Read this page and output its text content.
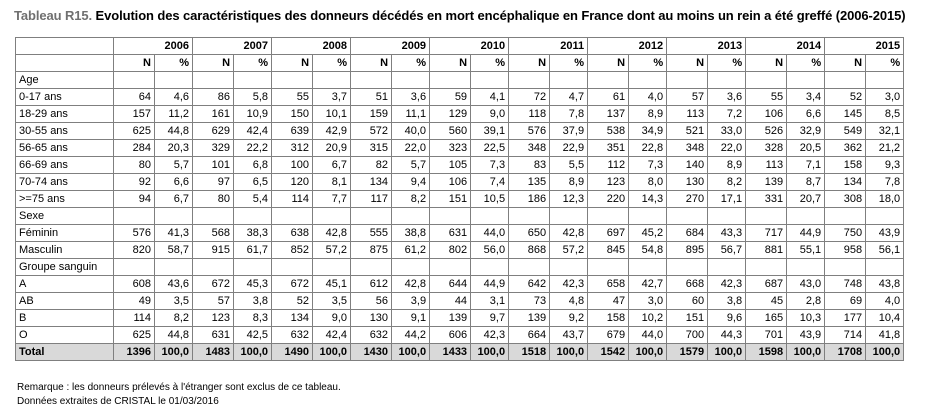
Tableau R15. Evolution des caractéristiques des donneurs décédés en mort encéphalique en France dont au moins un rein a été greffé (2006-2015)
	2006		2007		2008		2009		2010		2011		2012		2013		2014		2015	
	N	%	N	%	N	%	N	%	N	%	N	%	N	%	N	%	N	%	N	%
Age																				
0-17 ans	64	4,6	86	5,8	55	3,7	51	3,6	59	4,1	72	4,7	61	4,0	57	3,6	55	3,4	52	3,0
18-29 ans	157	11,2	161	10,9	150	10,1	159	11,1	129	9,0	118	7,8	137	8,9	113	7,2	106	6,6	145	8,5
30-55 ans	625	44,8	629	42,4	639	42,9	572	40,0	560	39,1	576	37,9	538	34,9	521	33,0	526	32,9	549	32,1
56-65 ans	284	20,3	329	22,2	312	20,9	315	22,0	323	22,5	348	22,9	351	22,8	348	22,0	328	20,5	362	21,2
66-69 ans	80	5,7	101	6,8	100	6,7	82	5,7	105	7,3	83	5,5	112	7,3	140	8,9	113	7,1	158	9,3
70-74 ans	92	6,6	97	6,5	120	8,1	134	9,4	106	7,4	135	8,9	123	8,0	130	8,2	139	8,7	134	7,8
>=75 ans	94	6,7	80	5,4	114	7,7	117	8,2	151	10,5	186	12,3	220	14,3	270	17,1	331	20,7	308	18,0
Sexe																				
Féminin	576	41,3	568	38,3	638	42,8	555	38,8	631	44,0	650	42,8	697	45,2	684	43,3	717	44,9	750	43,9
Masculin	820	58,7	915	61,7	852	57,2	875	61,2	802	56,0	868	57,2	845	54,8	895	56,7	881	55,1	958	56,1
Groupe sanguin																				
A	608	43,6	672	45,3	672	45,1	612	42,8	644	44,9	642	42,3	658	42,7	668	42,3	687	43,0	748	43,8
AB	49	3,5	57	3,8	52	3,5	56	3,9	44	3,1	73	4,8	47	3,0	60	3,8	45	2,8	69	4,0
B	114	8,2	123	8,3	134	9,0	130	9,1	139	9,7	139	9,2	158	10,2	151	9,6	165	10,3	177	10,4
O	625	44,8	631	42,5	632	42,4	632	44,2	606	42,3	664	43,7	679	44,0	700	44,3	701	43,9	714	41,8
Total	1396	100,0	1483	100,0	1490	100,0	1430	100,0	1433	100,0	1518	100,0	1542	100,0	1579	100,0	1598	100,0	1708	100,0
Remarque : les donneurs prélevés à l'étranger sont exclus de ce tableau.
Données extraites de CRISTAL le 01/03/2016
